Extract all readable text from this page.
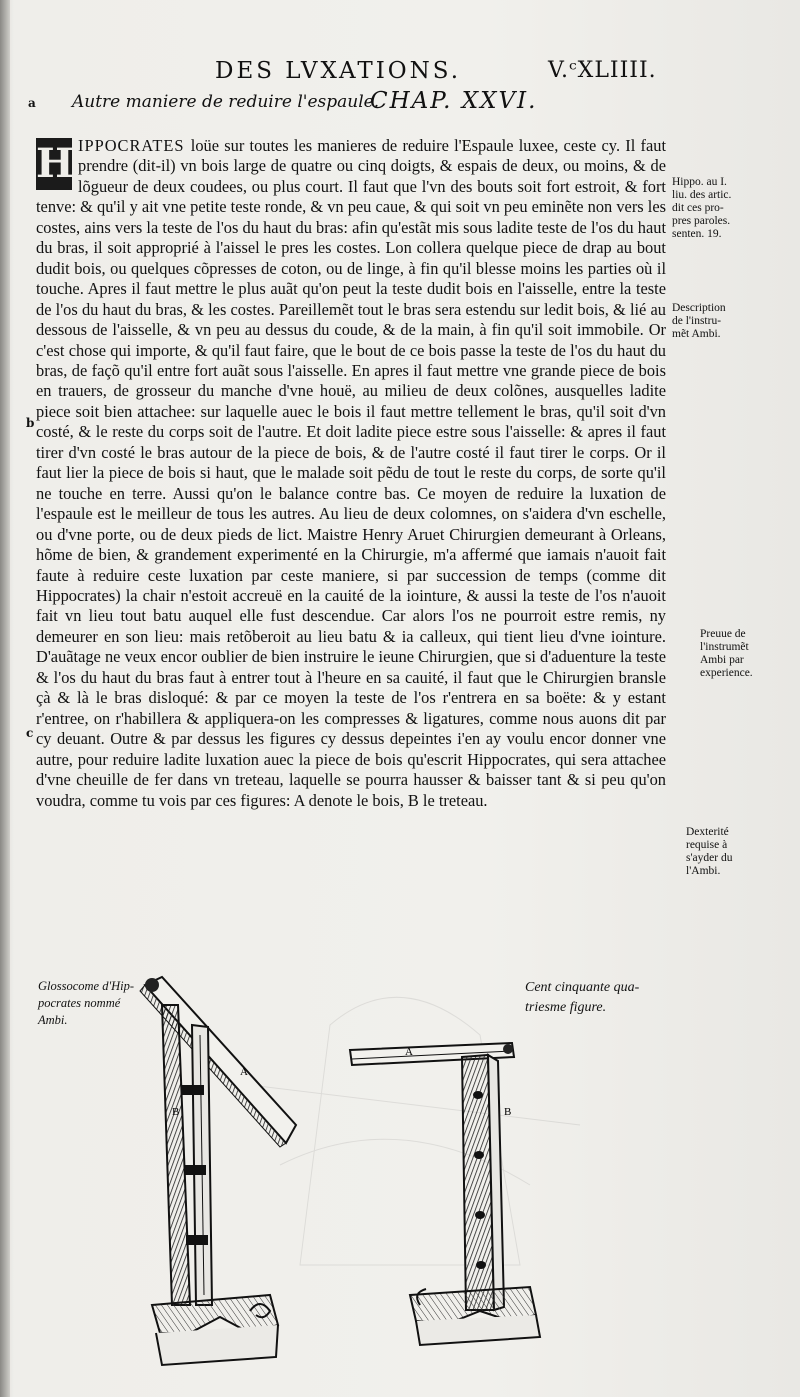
DES LVXATIONS.	V.ᶜXLIIII.
a
b
c
Autre maniere de reduire l'espaule.
CHAP. XXVI.
H IPPOCRATES loüe sur toutes les manieres de reduire l'Espaule luxee, ceste cy. Il faut prendre (dit-il) vn bois large de quatre ou cinq doigts, & espais de deux, ou moins, & de lõgueur de deux coudees, ou plus court. Il faut que l'vn des bouts soit fort estroit, & fort tenve: & qu'il y ait vne petite teste ronde, & vn peu caue, & qui soit vn peu eminẽte non vers les costes, ains vers la teste de l'os du haut du bras: afin qu'estãt mis sous ladite teste de l'os du haut du bras, il soit approprié à l'aissel le pres les costes. Lon collera quelque piece de drap au bout dudit bois, ou quelques cõpresses de coton, ou de linge, à fin qu'il blesse moins les parties où il touche. Apres il faut mettre le plus auãt qu'on peut la teste dudit bois en l'aisselle, entre la teste de l'os du haut du bras, & les costes. Pareillemẽt tout le bras sera estendu sur ledit bois, & lié au dessous de l'aisselle, & vn peu au dessus du coude, & de la main, à fin qu'il soit immobile. Or c'est chose qui importe, & qu'il faut faire, que le bout de ce bois passe la teste de l'os du haut du bras, de façõ qu'il entre fort auãt sous l'aisselle. En apres il faut mettre vne grande piece de bois en trauers, de grosseur du manche d'vne houë, au milieu de deux colõnes, ausquelles ladite piece soit bien attachee: sur laquelle auec le bois il faut mettre tellement le bras, qu'il soit d'vn costé, & le reste du corps soit de l'autre. Et doit ladite piece estre sous l'aisselle: & apres il faut tirer d'vn costé le bras autour de la piece de bois, & de l'autre costé il faut tirer le corps. Or il faut lier la piece de bois si haut, que le malade soit pẽdu de tout le reste du corps, de sorte qu'il ne touche en terre. Aussi qu'on le balance contre bas. Ce moyen de reduire la luxation de l'espaule est le meilleur de tous les autres. Au lieu de deux colomnes, on s'aidera d'vn eschelle, ou d'vne porte, ou de deux pieds de lict. Maistre Henry Aruet Chirurgien demeurant à Orleans, hõme de bien, & grandement experimenté en la Chirurgie, m'a affermé que iamais n'auoit fait faute à reduire ceste luxation par ceste maniere, si par succession de temps (comme dit Hippocrates) la chair n'estoit accreuë en la cauité de la iointure, & aussi la teste de l'os n'auoit fait vn lieu tout batu auquel elle fust descendue. Car alors l'os ne pourroit estre remis, ny demeurer en son lieu: mais retõberoit au lieu batu & ia calleux, qui tient lieu d'vne iointure. D'auãtage ne veux encor oublier de bien instruire le ieune Chirurgien, que si d'aduenture la teste & l'os du haut du bras faut à entrer tout à l'heure en sa cauité, il faut que le Chirurgien bransle çà & là le bras disloqué: & par ce moyen la teste de l'os r'entrera en sa boëte: & y estant r'entree, on r'habillera & appliquera-on les compresses & ligatures, comme nous auons dit par cy deuant. Outre & par dessus les figures cy dessus depeintes i'en ay voulu encor donner vne autre, pour reduire ladite luxation auec la piece de bois qu'escrit Hippocrates, qui sera attachee d'vne cheuille de fer dans vn treteau, laquelle se pourra hausser & baisser tant & si peu qu'on voudra, comme tu vois par ces figures: A denote le bois, B le treteau.
Hippo. au I.
liu. des artic.
dit ces pro-
pres paroles.
senten. 19.
Description
de l'instru-
mẽt Ambi.
Preuue de
l'instrumẽt
Ambi par
experience.
Dexterité
requise à
s'ayder du
l'Ambi.
Glossocome d'Hip-
pocrates nommé
Ambi.
Cent cinquante qua-
triesme figure.
A
B
A
B
